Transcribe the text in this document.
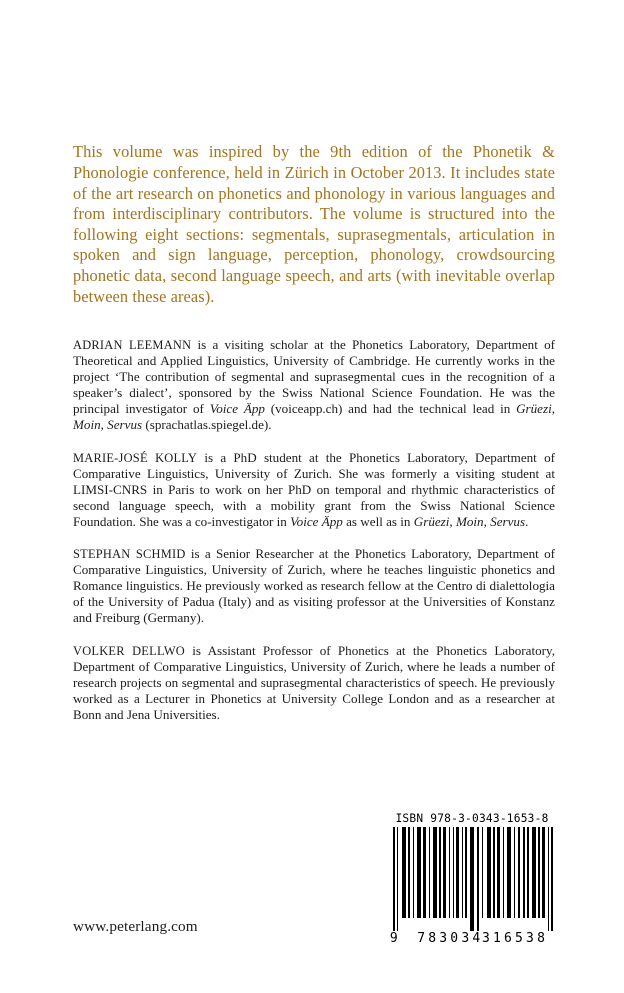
This volume was inspired by the 9th edition of the Phonetik & Phonologie conference, held in Zürich in October 2013. It includes state of the art research on phonetics and phonology in various languages and from interdisciplinary contributors. The volume is structured into the following eight sections: segmentals, suprasegmentals, articulation in spoken and sign language, perception, phonology, crowdsourcing phonetic data, second language speech, and arts (with inevitable overlap between these areas).

ADRIAN LEEMANN is a visiting scholar at the Phonetics Laboratory, Department of Theoretical and Applied Linguistics, University of Cambridge. He currently works in the project ‘The contribution of segmental and suprasegmental cues in the recognition of a speaker’s dialect’, sponsored by the Swiss National Science Foundation. He was the principal investigator of Voice Äpp (voiceapp.ch) and had the technical lead in Grüezi, Moin, Servus (sprachatlas.spiegel.de).

MARIE-JOSÉ KOLLY is a PhD student at the Phonetics Laboratory, Department of Comparative Linguistics, University of Zurich. She was formerly a visiting student at LIMSI-CNRS in Paris to work on her PhD on temporal and rhythmic characteristics of second language speech, with a mobility grant from the Swiss National Science Foundation. She was a co-investigator in Voice Äpp as well as in Grüezi, Moin, Servus.

STEPHAN SCHMID is a Senior Researcher at the Phonetics Laboratory, Department of Comparative Linguistics, University of Zurich, where he teaches linguistic phonetics and Romance linguistics. He previously worked as research fellow at the Centro di dialettologia of the University of Padua (Italy) and as visiting professor at the Universities of Konstanz and Freiburg (Germany).

VOLKER DELLWO is Assistant Professor of Phonetics at the Phonetics Laboratory, Department of Comparative Linguistics, University of Zurich, where he leads a number of research projects on segmental and suprasegmental characteristics of speech. He previously worked as a Lecturer in Phonetics at University College London and as a researcher at Bonn and Jena Universities.

www.peterlang.com
ISBN 978-3-0343-1653-8
9 783034
316538
